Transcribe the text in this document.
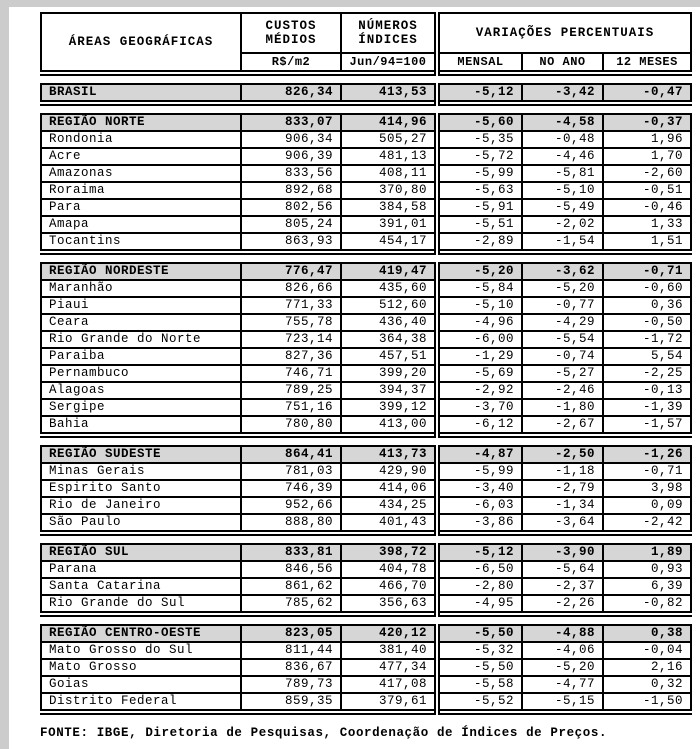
ÁREAS GEOGRÁFICAS	CUSTOS MÉDIOS	NÚMEROS ÍNDICES	VARIAÇÕES PERCENTUAIS		
	R$/m2	Jun/94=100	MENSAL	NO ANO	12 MESES
BRASIL	826,34	413,53	-5,12	-3,42	-0,47
REGIÃO NORTE	833,07	414,96	-5,60	-4,58	-0,37
Rondonia	906,34	505,27	-5,35	-0,48	1,96
Acre	906,39	481,13	-5,72	-4,46	1,70
Amazonas	833,56	408,11	-5,99	-5,81	-2,60
Roraima	892,68	370,80	-5,63	-5,10	-0,51
Para	802,56	384,58	-5,91	-5,49	-0,46
Amapa	805,24	391,01	-5,51	-2,02	1,33
Tocantins	863,93	454,17	-2,89	-1,54	1,51
REGIÃO NORDESTE	776,47	419,47	-5,20	-3,62	-0,71
Maranhão	826,66	435,60	-5,84	-5,20	-0,60
Piaui	771,33	512,60	-5,10	-0,77	0,36
Ceara	755,78	436,40	-4,96	-4,29	-0,50
Rio Grande do Norte	723,14	364,38	-6,00	-5,54	-1,72
Paraiba	827,36	457,51	-1,29	-0,74	5,54
Pernambuco	746,71	399,20	-5,69	-5,27	-2,25
Alagoas	789,25	394,37	-2,92	-2,46	-0,13
Sergipe	751,16	399,12	-3,70	-1,80	-1,39
Bahia	780,80	413,00	-6,12	-2,67	-1,57
REGIÃO SUDESTE	864,41	413,73	-4,87	-2,50	-1,26
Minas Gerais	781,03	429,90	-5,99	-1,18	-0,71
Espirito Santo	746,39	414,06	-3,40	-2,79	3,98
Rio de Janeiro	952,66	434,25	-6,03	-1,34	0,09
São Paulo	888,80	401,43	-3,86	-3,64	-2,42
REGIÃO SUL	833,81	398,72	-5,12	-3,90	1,89
Parana	846,56	404,78	-6,50	-5,64	0,93
Santa Catarina	861,62	466,70	-2,80	-2,37	6,39
Rio Grande do Sul	785,62	356,63	-4,95	-2,26	-0,82
REGIÃO CENTRO-OESTE	823,05	420,12	-5,50	-4,88	0,38
Mato Grosso do Sul	811,44	381,40	-5,32	-4,06	-0,04
Mato Grosso	836,67	477,34	-5,50	-5,20	2,16
Goias	789,73	417,08	-5,58	-4,77	0,32
Distrito Federal	859,35	379,61	-5,52	-5,15	-1,50

FONTE: IBGE, Diretoria de Pesquisas, Coordenação de Índices de Preços.
